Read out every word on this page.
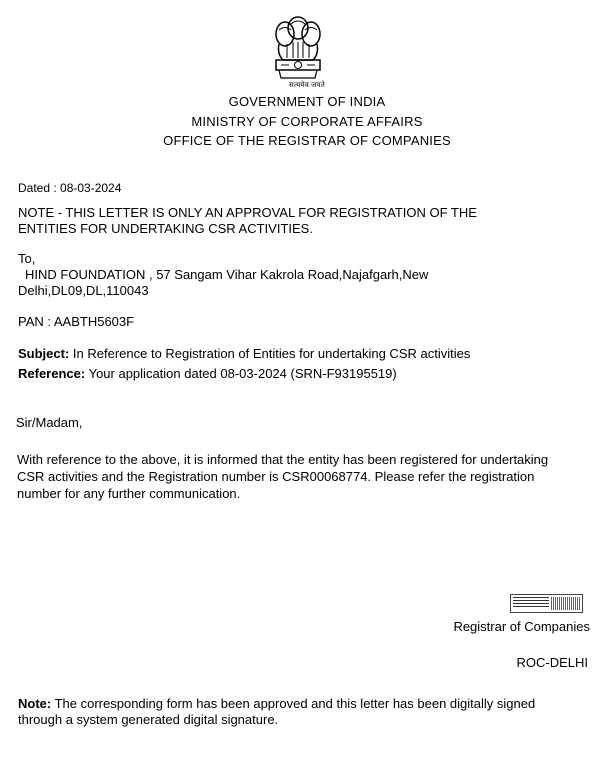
सत्यमेव जयते
GOVERNMENT OF INDIA
MINISTRY OF CORPORATE AFFAIRS
OFFICE OF THE REGISTRAR OF COMPANIES
Dated : 08-03-2024
NOTE - THIS LETTER IS ONLY AN APPROVAL FOR REGISTRATION OF THE
ENTITIES FOR UNDERTAKING CSR ACTIVITIES.
To,
HIND FOUNDATION , 57 Sangam Vihar Kakrola Road,Najafgarh,New
Delhi,DL09,DL,110043
PAN : AABTH5603F
Subject: In Reference to Registration of Entities for undertaking CSR activities
Reference: Your application dated 08-03-2024 (SRN-F93195519)
Sir/Madam,
With reference to the above, it is informed that the entity has been registered for undertaking
CSR activities and the Registration number is CSR00068774. Please refer the registration
number for any further communication.
Registrar of Companies
ROC-DELHI
Note: The corresponding form has been approved and this letter has been digitally signed
through a system generated digital signature.
